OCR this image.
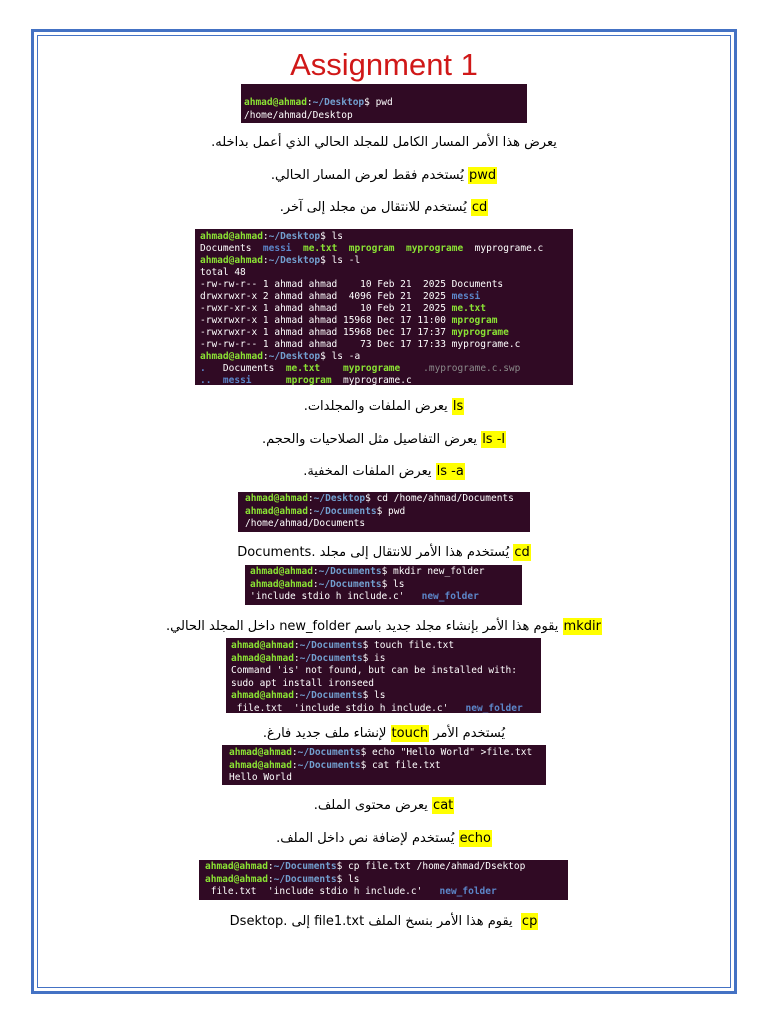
Assignment 1
ahmad@ahmad:~/Desktop$ pwd
/home/ahmad/Desktop
يعرض هذا الأمر المسار الكامل للمجلد الحالي الذي أعمل بداخله.
pwd يُستخدم فقط لعرض المسار الحالي.
cd يُستخدم للانتقال من مجلد إلى آخر.
ahmad@ahmad:~/Desktop$ ls
Documents  messi me.txt mprogram myprograme  myprograme.c
ahmad@ahmad:~/Desktop$ ls -l
total 48
-rw-rw-r-- 1 ahmad ahmad    10 Feb 21  2025 Documents
drwxrwxr-x 2 ahmad ahmad  4096 Feb 21  2025 messi
-rwxr-xr-x 1 ahmad ahmad    10 Feb 21  2025 me.txt
-rwxrwxr-x 1 ahmad ahmad 15968 Dec 17 11:00 mprogram
-rwxrwxr-x 1 ahmad ahmad 15968 Dec 17 17:37 myprograme
-rw-rw-r-- 1 ahmad ahmad    73 Dec 17 17:33 myprograme.c
ahmad@ahmad:~/Desktop$ ls -a
.   Documents  me.txt myprograme .myprograme.c.swp
.. messi	mprogram  myprograme.c
ls يعرض الملفات والمجلدات.
ls -l يعرض التفاصيل مثل الصلاحيات والحجم.
ls -a يعرض الملفات المخفية.
ahmad@ahmad:~/Desktop$ cd /home/ahmad/Documents
ahmad@ahmad:~/Documents$ pwd
/home/ahmad/Documents
cd يُستخدم هذا الأمر للانتقال إلى مجلد Documents.
ahmad@ahmad:~/Documents$ mkdir new_folder
ahmad@ahmad:~/Documents$ ls
'include stdio h include.c'   new_folder
mkdir يقوم هذا الأمر بإنشاء مجلد جديد باسم new_folder داخل المجلد الحالي.
ahmad@ahmad:~/Documents$ touch file.txt
ahmad@ahmad:~/Documents$ is
Command 'is' not found, but can be installed with:
sudo apt install ironseed
ahmad@ahmad:~/Documents$ ls
file.txt  'include stdio h include.c'   new_folder
يُستخدم الأمر touch لإنشاء ملف جديد فارغ.
ahmad@ahmad:~/Documents$ echo "Hello World" >file.txt
ahmad@ahmad:~/Documents$ cat file.txt
Hello World
cat يعرض محتوى الملف.
echo يُستخدم لإضافة نص داخل الملف.
ahmad@ahmad:~/Documents$ cp file.txt /home/ahmad/Dsektop
ahmad@ahmad:~/Documents$ ls
file.txt  'include stdio h include.c'   new_folder
cp  يقوم هذا الأمر بنسخ الملف file1.txt إلى Dsektop.
